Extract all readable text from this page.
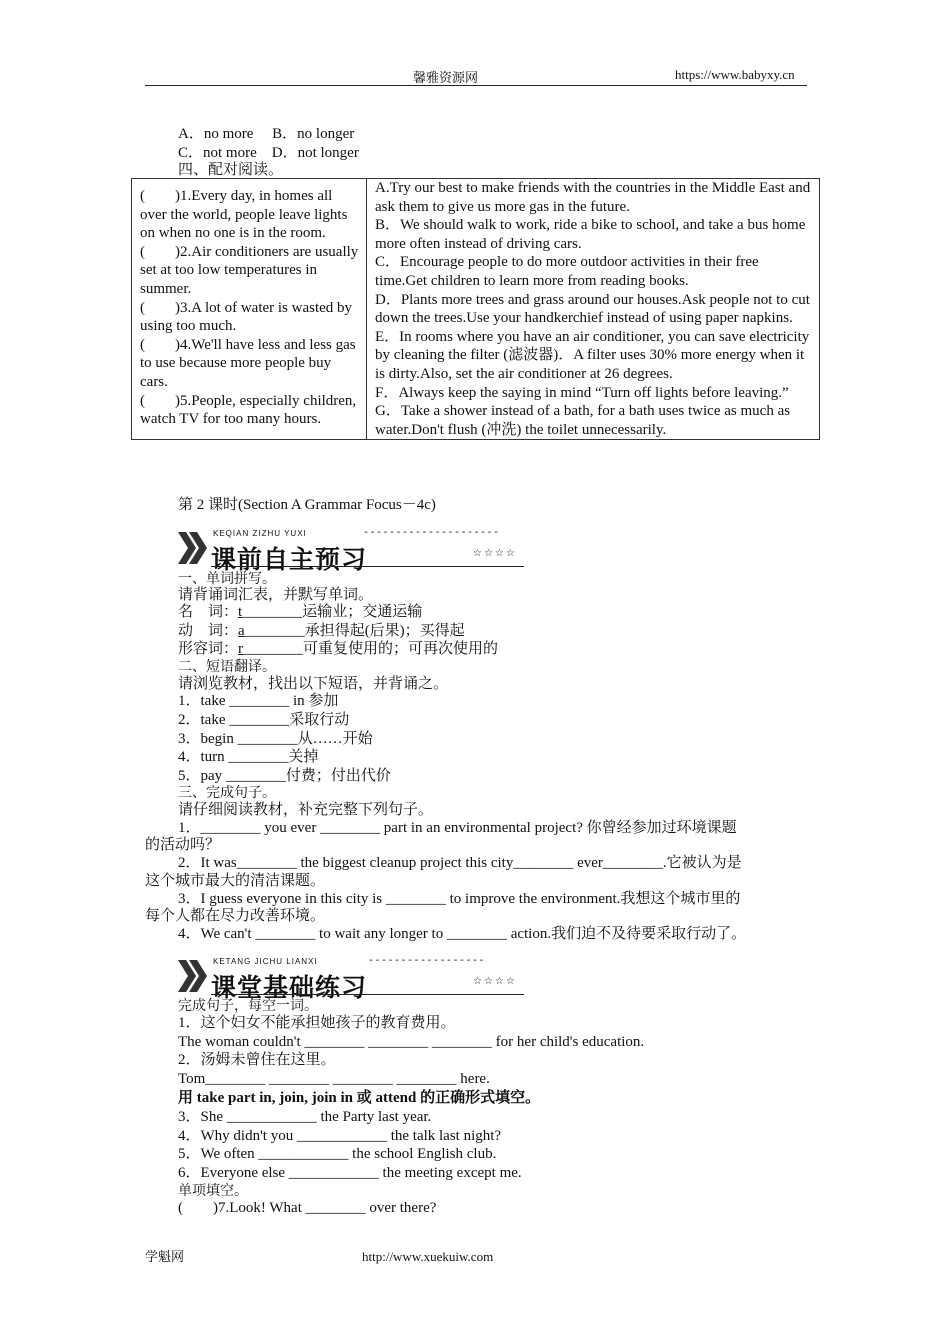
馨雅资源网	https://www.babyxy.cn
A．no more　 B．no longer
C．not more　D．not longer
四、配对阅读。
(　　)1.Every day, in homes all over the world, people leave lights on when no one is in the room.
(　　)2.Air conditioners are usually set at too low temperatures in summer.
(　　)3.A lot of water is wasted by using too much.
(　　)4.We'll have less and less gas to use because more people buy cars.
(　　)5.People, especially children, watch TV for too many hours.

A.Try our best to make friends with the countries in the Middle East and ask them to give us more gas in the future.
B．We should walk to work, ride a bike to school, and take a bus home more often instead of driving cars.
C．Encourage people to do more outdoor activities in their free time.Get children to learn more from reading books.
D．Plants more trees and grass around our houses.Ask people not to cut down the trees.Use your handkerchief instead of using paper napkins.
E．In rooms where you have an air conditioner, you can save electricity by cleaning the filter (滤波器)．A filter uses 30% more energy when it is dirty.Also, set the air conditioner at 26 degrees.
F．Always keep the saying in mind “Turn off lights before leaving.”
G．Take a shower instead of a bath, for a bath uses twice as much as water.Don't flush (冲洗) the toilet unnecessarily.
第 2 课时(Section A Grammar Focus－4c)
KEQIAN ZIZHU YUXI	---------------------
课前自主预习	☆☆☆☆
一、单词拼写。
请背诵词汇表，并默写单词。
名　词：t________运输业；交通运输
动　词：a________承担得起(后果)；买得起
形容词：r________可重复使用的；可再次使用的
二、短语翻译。
请浏览教材，找出以下短语，并背诵之。
1．take ________ in 参加
2．take ________采取行动
3．begin ________从……开始
4．turn ________关掉
5．pay ________付费；付出代价
三、完成句子。
请仔细阅读教材，补充完整下列句子。
1．________ you ever ________ part in an environmental project? 你曾经参加过环境课题
的活动吗？
2．It was________ the biggest cleanup project this city________ ever________.它被认为是
这个城市最大的清洁课题。
3．I guess everyone in this city is ________ to improve the environment.我想这个城市里的
每个人都在尽力改善环境。
4．We can't ________ to wait any longer to ________ action.我们迫不及待要采取行动了。
KETANG JICHU LIANXI	------------------
课堂基础练习	☆☆☆☆
完成句子，每空一词。
1．这个妇女不能承担她孩子的教育费用。
The woman couldn't ________ ________ ________ for her child's education.
2．汤姆未曾住在这里。
Tom________ ________ ________ ________ here.
用 take part in, join, join in 或 attend 的正确形式填空。
3．She ____________ the Party last year.
4．Why didn't you ____________ the talk last night?
5．We often ____________ the school English club.
6．Everyone else ____________ the meeting except me.
单项填空。
(　　)7.Look! What ________ over there?
学魁网	http://www.xuekuiw.com
